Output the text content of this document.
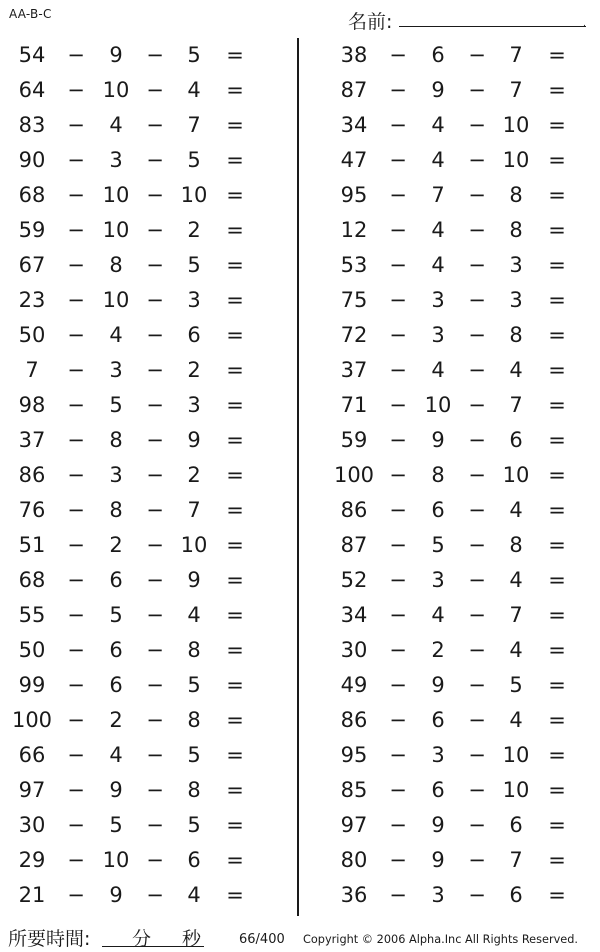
AA-B-C	名前:	.
54	−	9	−	5	=
64	− 10 −	4	=
83	−	4	−	7	=
90	−	3	−	5	=
68	− 10 − 10 =
59	− 10 −	2	=
67	−	8	−	5	=
23	− 10 −	3	=
50	−	4	−	6	=
7	−	3	−	2	=
98	−	5	−	3	=
37	−	8	−	9	=
86	−	3	−	2	=
76	−	8	−	7	=
51	−	2	− 10 =
68	−	6	−	9	=
55	−	5	−	4	=
50	−	6	−	8	=
99	−	6	−	5	=
100 −	2	−	8	=
66	−	4	−	5	=
97	−	9	−	8	=
30	−	5	−	5	=
29	− 10 −	6	=
21	−	9	−	4	=
38	−	6	−	7	=
87	−	9	−	7	=
34	−	4	− 10 =
47	−	4	− 10 =
95	−	7	−	8	=
12	−	4	−	8	=
53	−	4	−	3	=
75	−	3	−	3	=
72	−	3	−	8	=
37	−	4	−	4	=
71	− 10 −	7	=
59	−	9	−	6	=
100 −	8	− 10 =
86	−	6	−	4	=
87	−	5	−	8	=
52	−	3	−	4	=
34	−	4	−	7	=
30	−	2	−	4	=
49	−	9	−	5	=
86	−	6	−	4	=
95	−	3	− 10 =
85	−	6	− 10 =
97	−	9	−	6	=
80	−	9	−	7	=
36	−	3	−	6	=
所要時間: 分 秒	66/400 Copyright © 2006 Alpha.Inc All Rights Reserved.
